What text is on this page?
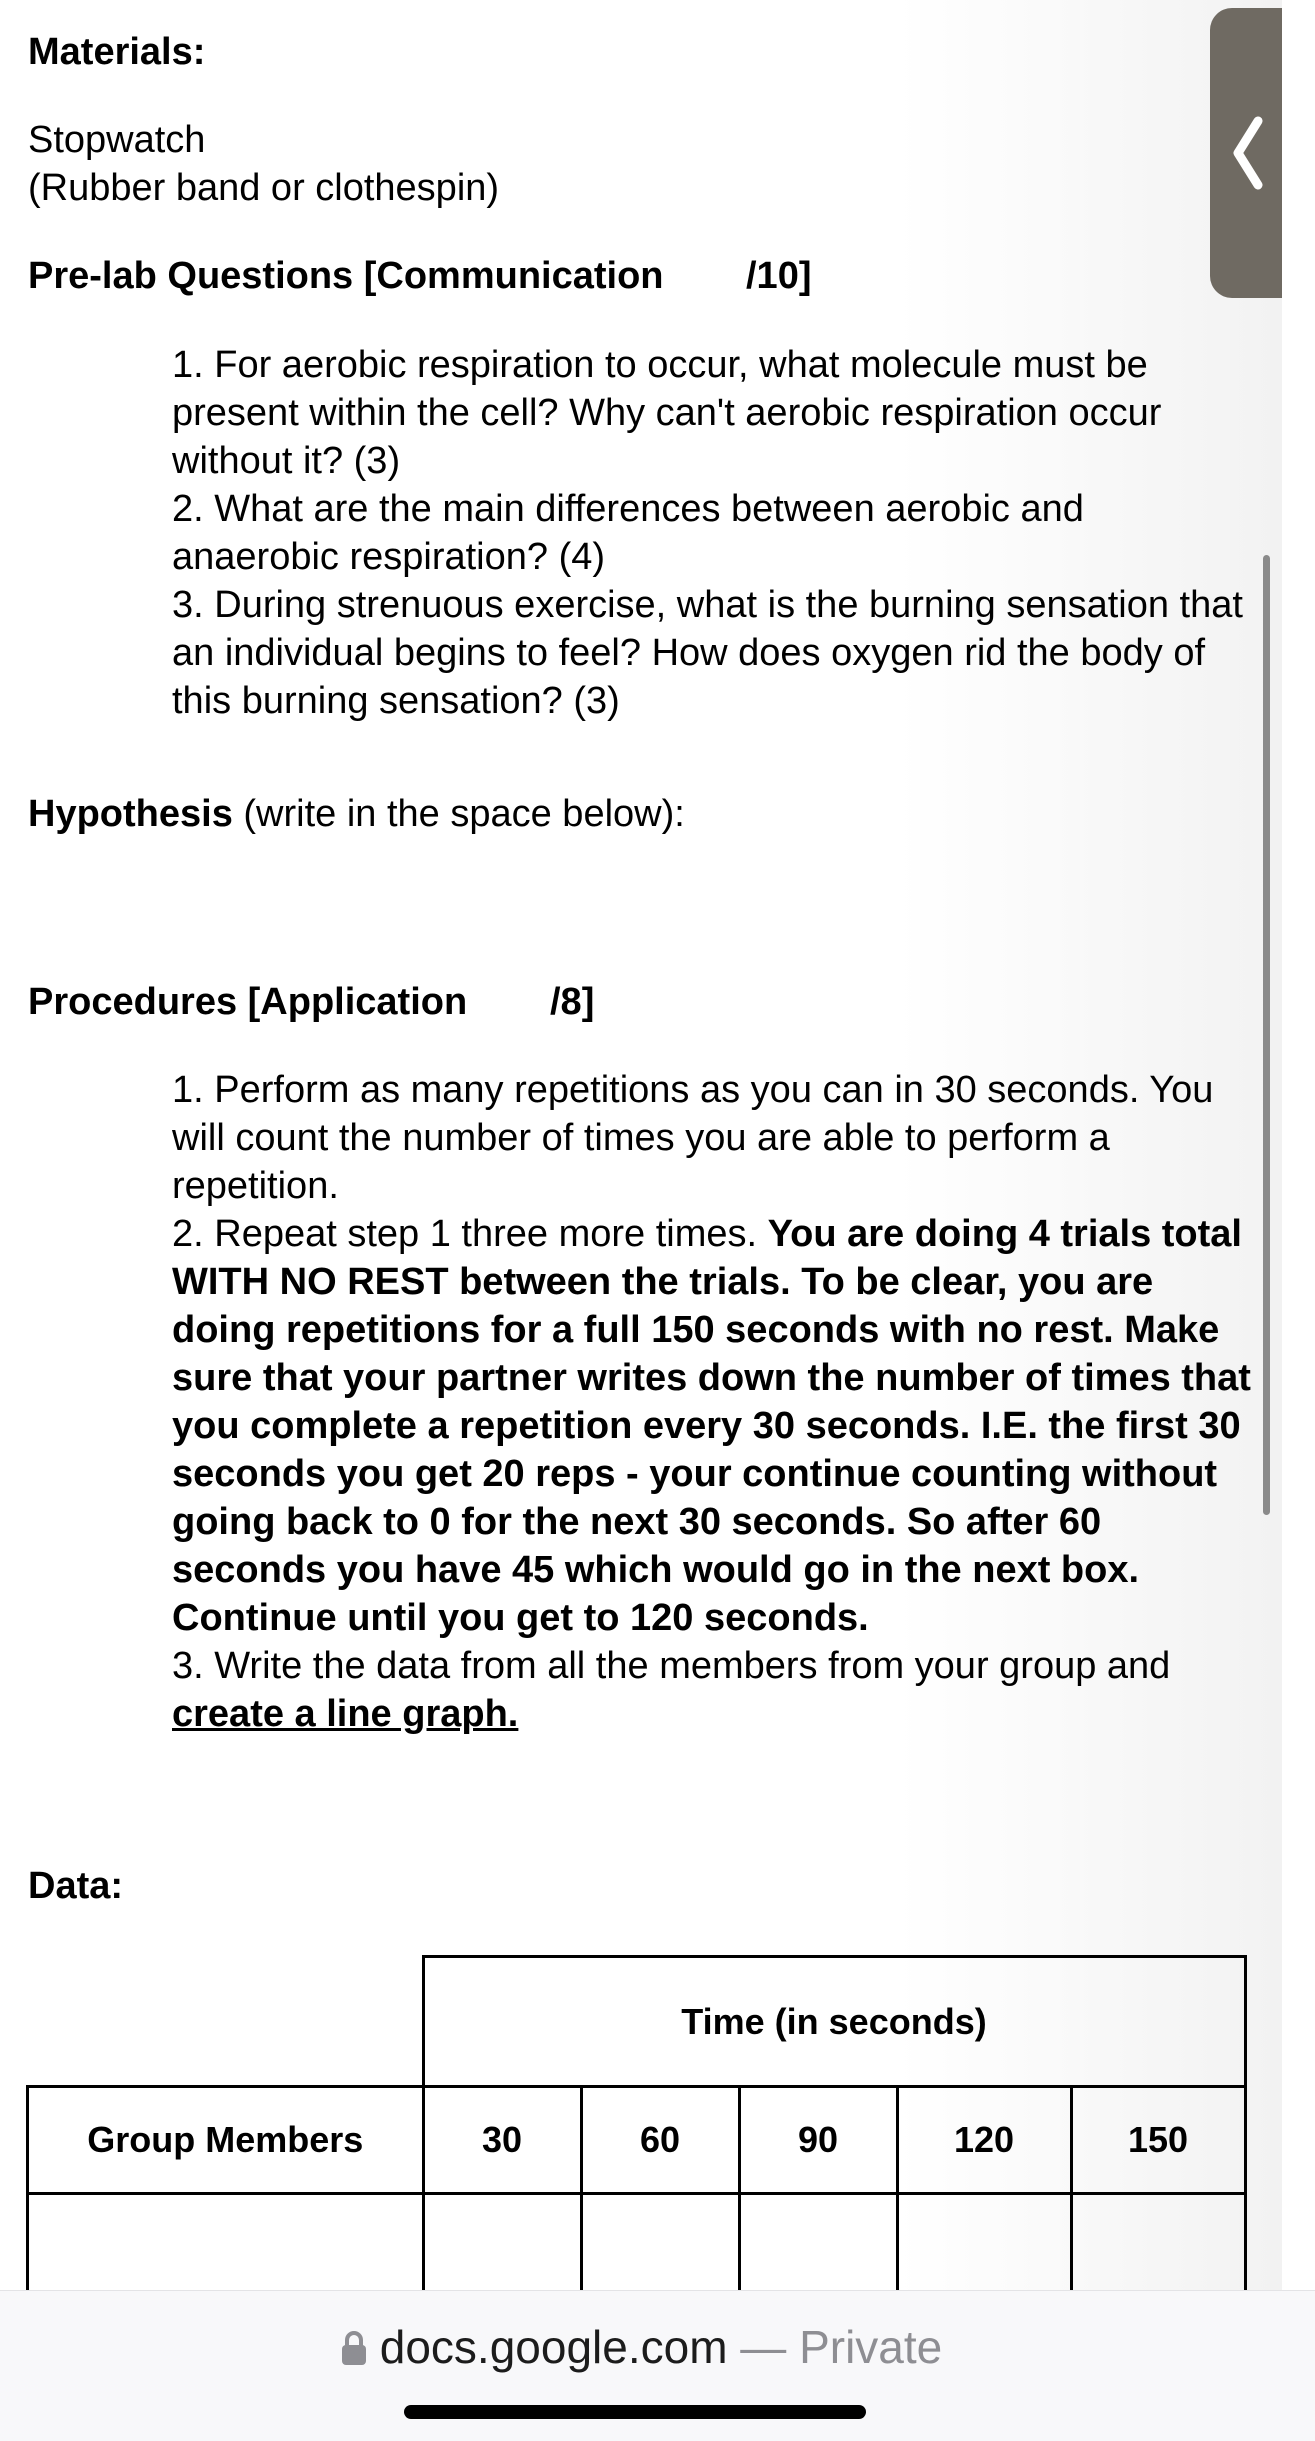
Materials:
Stopwatch
(Rubber band or clothespin)
Pre-lab Questions [Communication /10]

1. For aerobic respiration to occur, what molecule must be present within the cell? Why can't aerobic respiration occur without it? (3)

2. What are the main differences between aerobic and anaerobic respiration? (4)

3. During strenuous exercise, what is the burning sensation that an individual begins to feel? How does oxygen rid the body of this burning sensation? (3)

Hypothesis (write in the space below):
Procedures [Application /8]

1. Perform as many repetitions as you can in 30 seconds. You will count the number of times you are able to perform a repetition.

2. Repeat step 1 three more times. You are doing 4 trials total WITH NO REST between the trials. To be clear, you are doing repetitions for a full 150 seconds with no rest. Make sure that your partner writes down the number of times that you complete a repetition every 30 seconds. I.E. the first 30 seconds you get 20 reps - your continue counting without going back to 0 for the next 30 seconds. So after 60 seconds you have 45 which would go in the next box. Continue until you get to 120 seconds.

3. Write the data from all the members from your group and create a line graph.

Data:
	Time (in seconds)				
Group Members	30	60	90	120	150

docs.google.com — Private
